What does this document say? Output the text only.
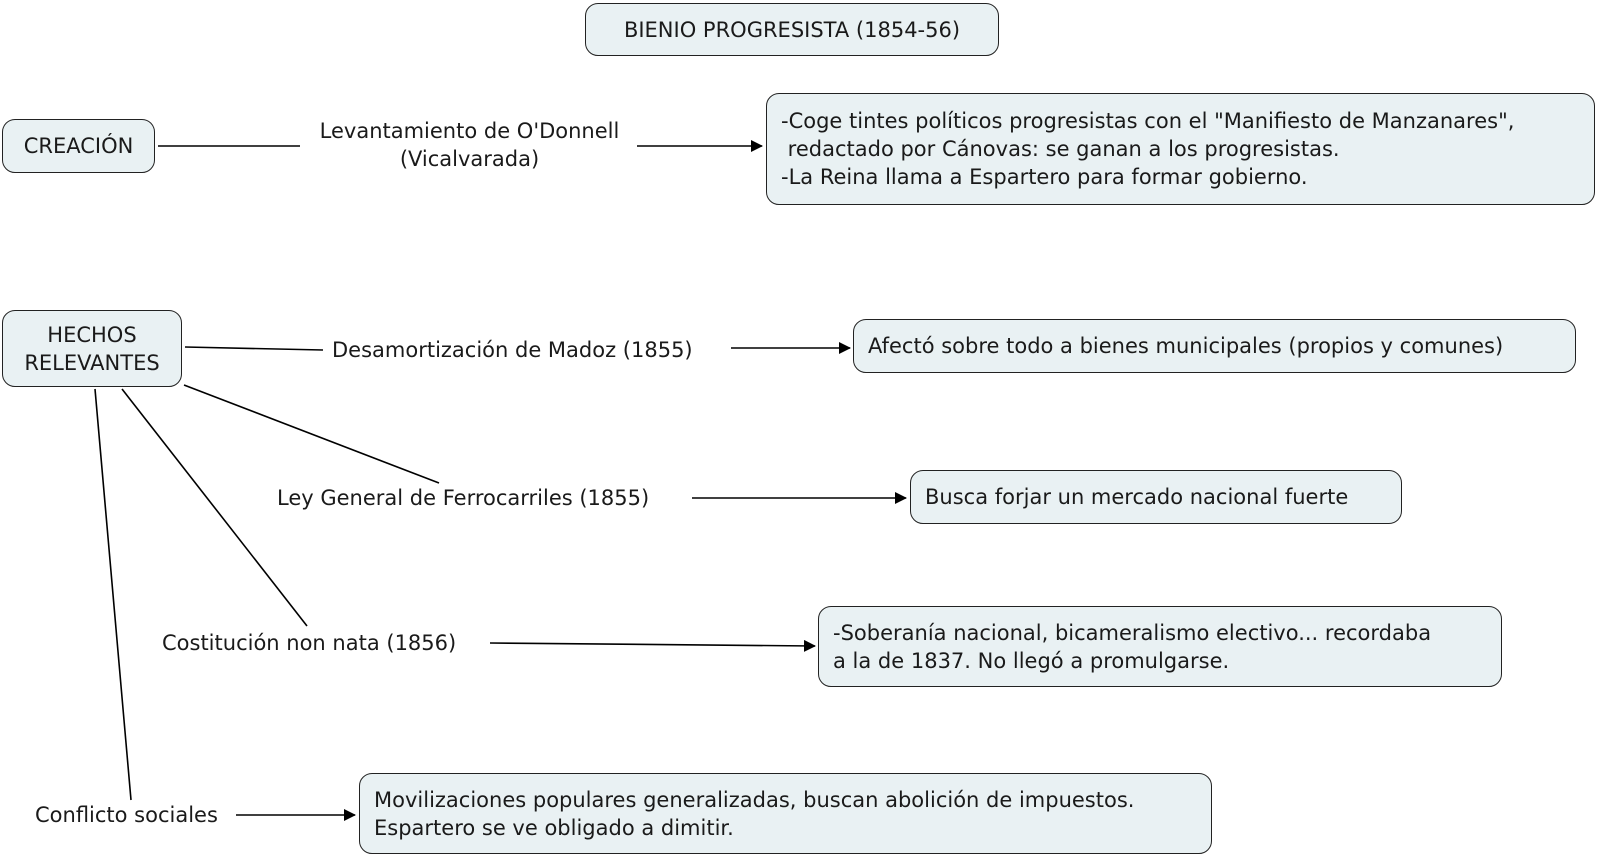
BIENIO PROGRESISTA (1854-56)
CREACIÓN
Levantamiento de O'Donnell
(Vicalvarada)
-Coge tintes políticos progresistas con el "Manifiesto de Manzanares",
redactado por Cánovas: se ganan a los progresistas.
-La Reina llama a Espartero para formar gobierno.
HECHOS
RELEVANTES
Desamortización de Madoz (1855)	Afectó sobre todo a bienes municipales (propios y comunes)
Ley General de Ferrocarriles (1855)	Busca forjar un mercado nacional fuerte
Costitución non nata (1856)	-Soberanía nacional, bicameralismo electivo... recordaba
a la de 1837. No llegó a promulgarse.
Conflicto sociales
Movilizaciones populares generalizadas, buscan abolición de impuestos.
Espartero se ve obligado a dimitir.
